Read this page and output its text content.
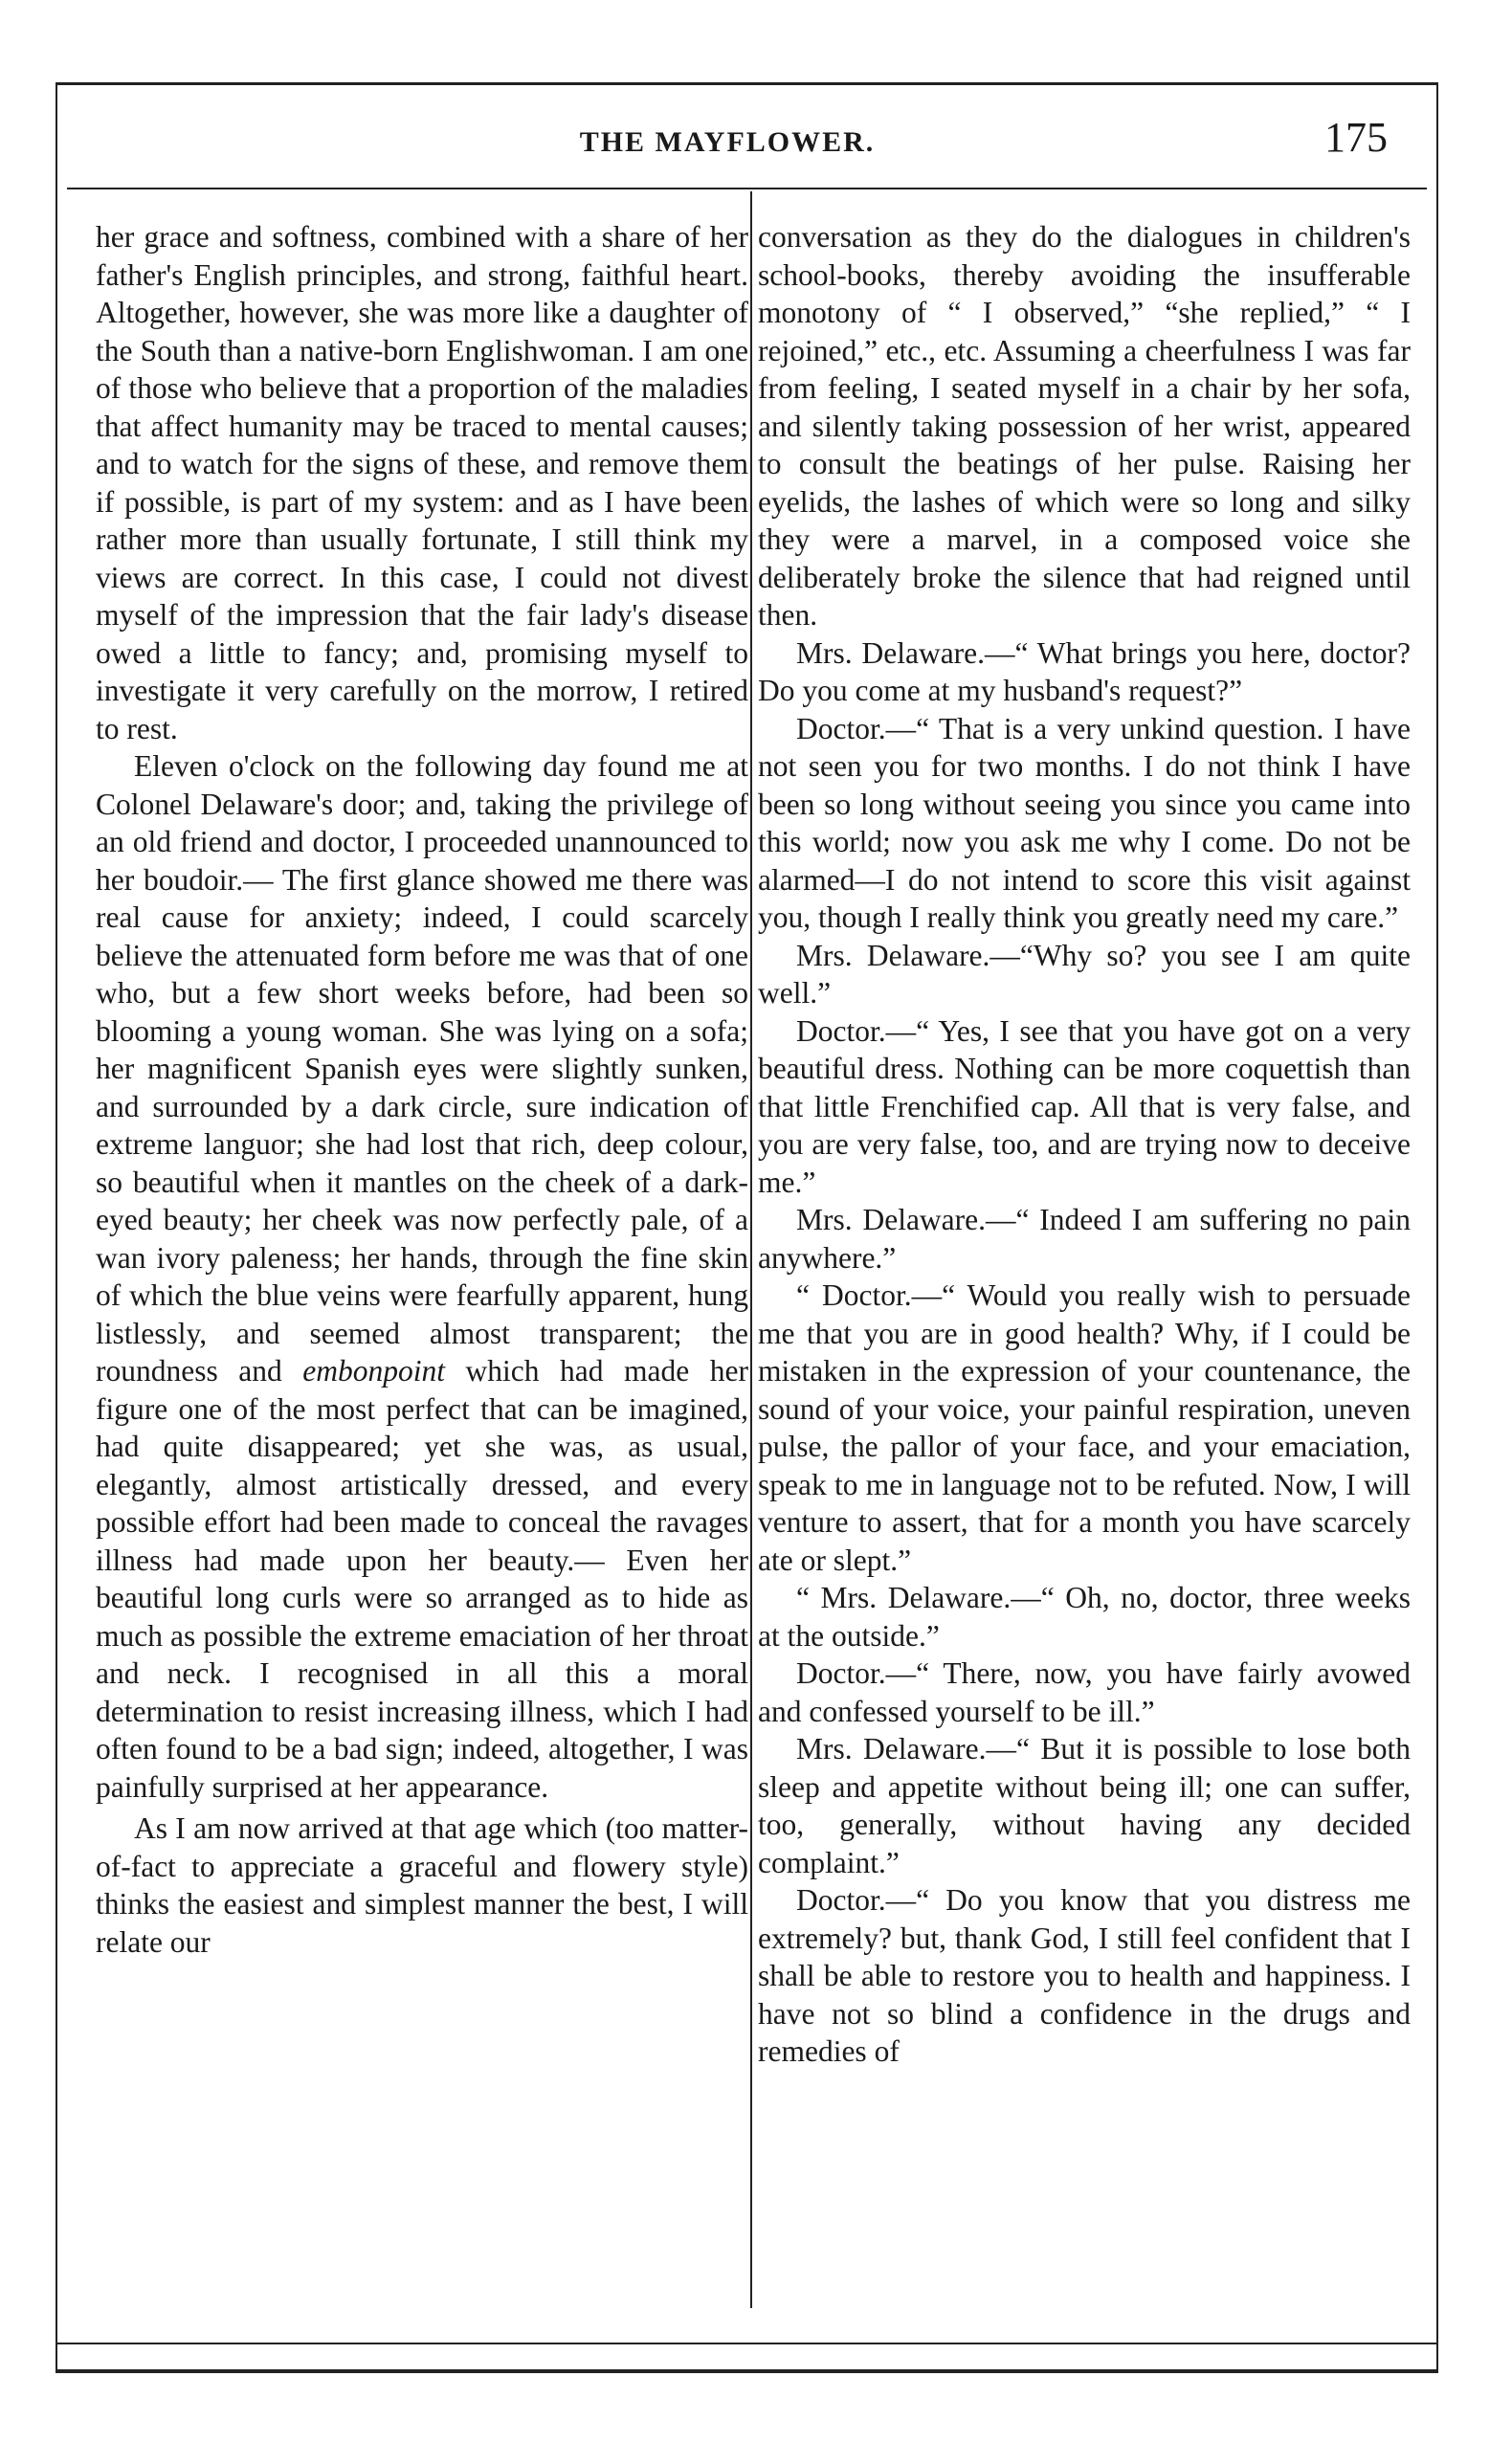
THE MAYFLOWER.	175

her grace and softness, combined with a share of her father's English principles, and strong, faithful heart. Altogether, however, she was more like a daughter of the South than a native-born Englishwoman. I am one of those who believe that a proportion of the maladies that affect humanity may be traced to mental causes; and to watch for the signs of these, and remove them if possible, is part of my system: and as I have been rather more than usually fortunate, I still think my views are correct. In this case, I could not divest myself of the impression that the fair lady's disease owed a little to fancy; and, promising myself to investigate it very carefully on the morrow, I retired to rest.

Eleven o'clock on the following day found me at Colonel Delaware's door; and, taking the privilege of an old friend and doctor, I proceeded unannounced to her boudoir.— The first glance showed me there was real cause for anxiety; indeed, I could scarcely believe the attenuated form before me was that of one who, but a few short weeks before, had been so blooming a young woman. She was lying on a sofa; her magnificent Spanish eyes were slightly sunken, and surrounded by a dark circle, sure indication of extreme languor; she had lost that rich, deep colour, so beautiful when it mantles on the cheek of a dark-eyed beauty; her cheek was now perfectly pale, of a wan ivory paleness; her hands, through the fine skin of which the blue veins were fearfully apparent, hung listlessly, and seemed almost transparent; the roundness and embonpoint which had made her figure one of the most perfect that can be imagined, had quite disappeared; yet she was, as usual, elegantly, almost artistically dressed, and every possible effort had been made to conceal the ravages illness had made upon her beauty.— Even her beautiful long curls were so arranged as to hide as much as possible the extreme emaciation of her throat and neck. I recognised in all this a moral determination to resist increasing illness, which I had often found to be a bad sign; indeed, altogether, I was painfully surprised at her appearance.

As I am now arrived at that age which (too matter-of-fact to appreciate a graceful and flowery style) thinks the easiest and simplest manner the best, I will relate our

conversation as they do the dialogues in children's school-books, thereby avoiding the insufferable monotony of “ I observed,” “she replied,” “ I rejoined,” etc., etc. Assuming a cheerfulness I was far from feeling, I seated myself in a chair by her sofa, and silently taking possession of her wrist, appeared to consult the beatings of her pulse. Raising her eyelids, the lashes of which were so long and silky they were a marvel, in a composed voice she deliberately broke the silence that had reigned until then.

Mrs. Delaware.—“ What brings you here, doctor? Do you come at my husband's request?”

Doctor.—“ That is a very unkind question. I have not seen you for two months. I do not think I have been so long without seeing you since you came into this world; now you ask me why I come. Do not be alarmed—I do not intend to score this visit against you, though I really think you greatly need my care.”

Mrs. Delaware.—“Why so? you see I am quite well.”

Doctor.—“ Yes, I see that you have got on a very beautiful dress. Nothing can be more coquettish than that little Frenchified cap. All that is very false, and you are very false, too, and are trying now to deceive me.”

Mrs. Delaware.—“ Indeed I am suffering no pain anywhere.”

“ Doctor.—“ Would you really wish to persuade me that you are in good health? Why, if I could be mistaken in the expression of your countenance, the sound of your voice, your painful respiration, uneven pulse, the pallor of your face, and your emaciation, speak to me in language not to be refuted. Now, I will venture to assert, that for a month you have scarcely ate or slept.”

“ Mrs. Delaware.—“ Oh, no, doctor, three weeks at the outside.”

Doctor.—“ There, now, you have fairly avowed and confessed yourself to be ill.”

Mrs. Delaware.—“ But it is possible to lose both sleep and appetite without being ill; one can suffer, too, generally, without having any decided complaint.”

Doctor.—“ Do you know that you distress me extremely? but, thank God, I still feel confident that I shall be able to restore you to health and happiness. I have not so blind a confidence in the drugs and remedies of
